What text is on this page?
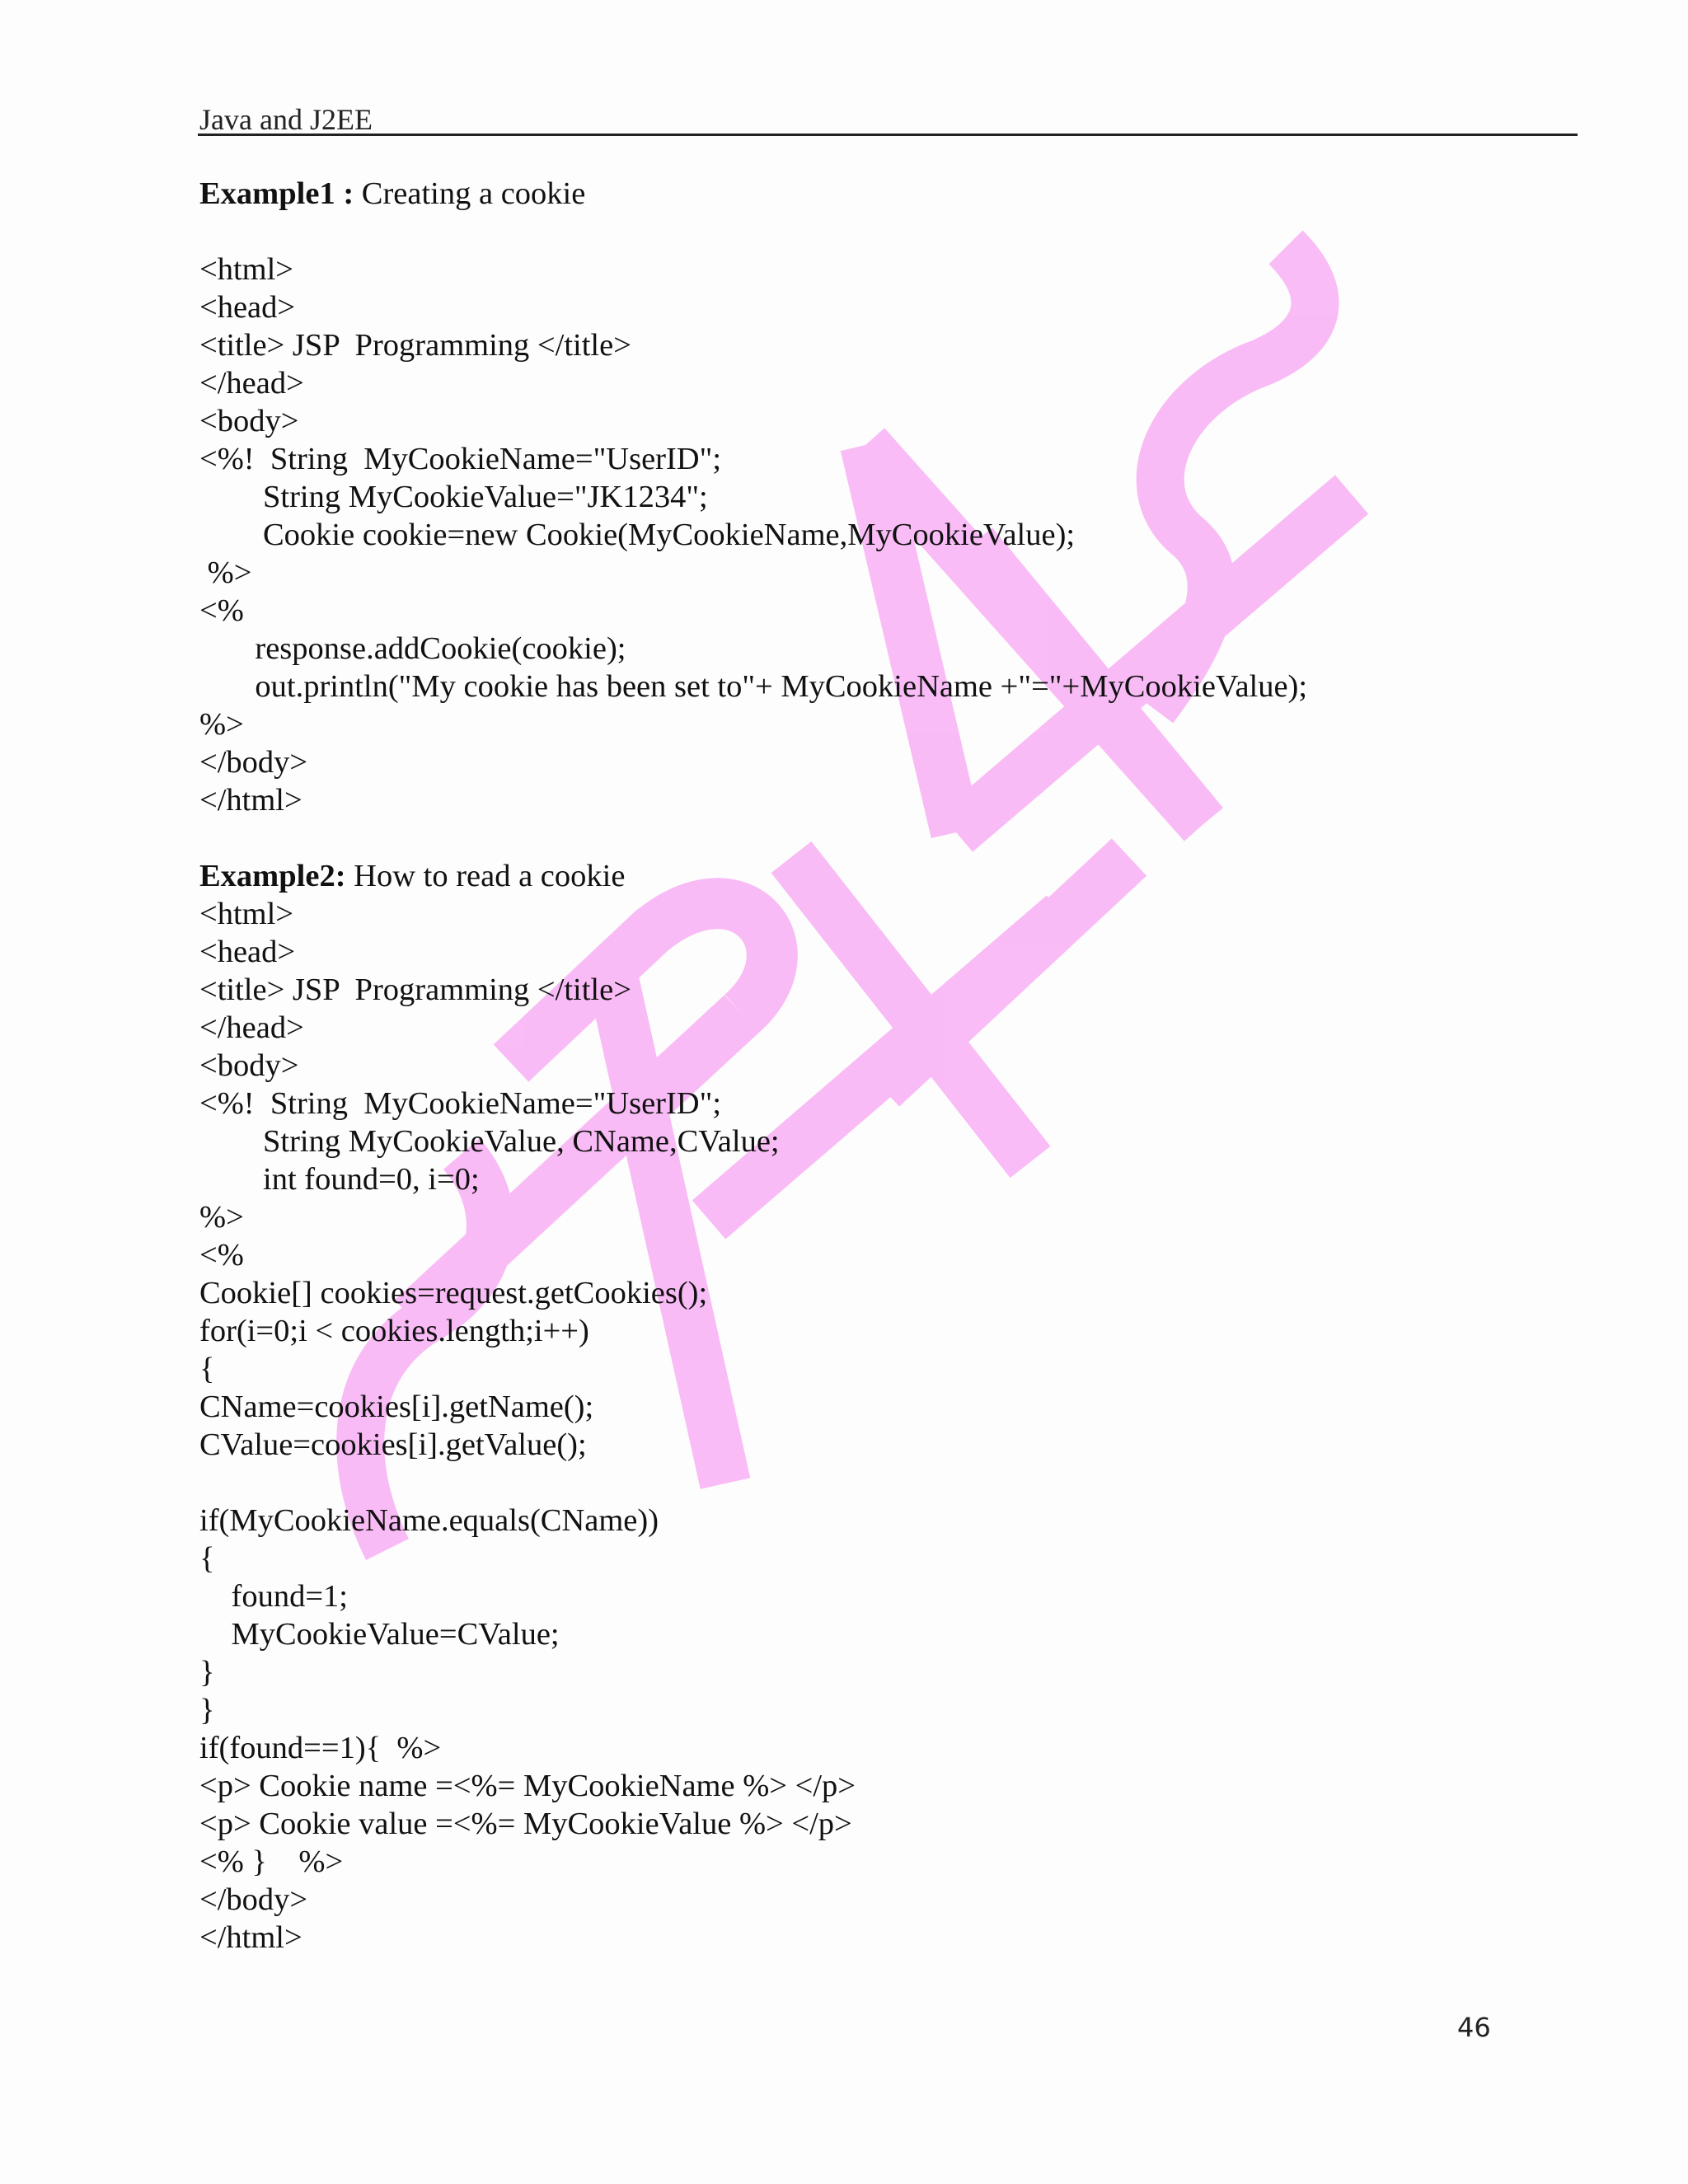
Java and J2EE
Example1 : Creating a cookie
<html>
<head>
<title> JSP  Programming </title>
</head>
<body>
<%!  String  MyCookieName="UserID";
String MyCookieValue="JK1234";
Cookie cookie=new Cookie(MyCookieName,MyCookieValue);
%>
<%
response.addCookie(cookie);
out.println("My cookie has been set to"+ MyCookieName +"="+MyCookieValue);
%>
</body>
</html>
Example2: How to read a cookie
<html>
<head>
<title> JSP  Programming </title>
</head>
<body>
<%!  String  MyCookieName="UserID";
String MyCookieValue, CName,CValue;
int found=0, i=0;
%>
<%
Cookie[] cookies=request.getCookies();
for(i=0;i < cookies.length;i++)
{
CName=cookies[i].getName();
CValue=cookies[i].getValue();
if(MyCookieName.equals(CName))
{
found=1;
MyCookieValue=CValue;
}
}
if(found==1){  %>
<p> Cookie name =<%= MyCookieName %> </p>
<p> Cookie value =<%= MyCookieValue %> </p>
<% }    %>
</body>
</html>
46
